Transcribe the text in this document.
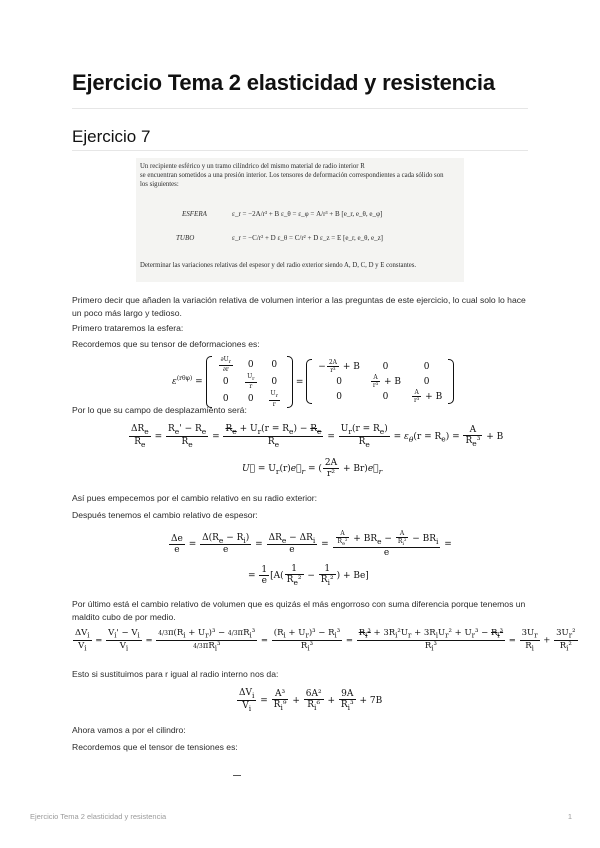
Ejercicio Tema 2 elasticidad y resistencia
Ejercicio 7
Un recipiente esférico y un tramo cilíndrico del mismo material de radio interior R
se encuentran sometidos a una presión interior. Los tensores de deformación correspondientes a cada sólido son
los siguientes:
ESFERA	ε_r = −2A/r³ + B ε_θ = ε_φ = A/r³ + B [e_r, e_θ, e_φ]
TUBO	ε_r = −C/r² + D ε_θ = C/r² + D ε_z = E [e_r, e_θ, e_z]
Determinar las variaciones relativas del espesor y del radio exterior siendo A, D, C, D y E constantes.

Primero decir que añaden la variación relativa de volumen interior a las preguntas de este ejercicio, lo cual solo lo hace un poco más largo y tedioso.

Primero trataremos la esfera:

Recordemos que su tensor de deformaciones es:

$\varepsilon^{(r\theta\varphi)}$ =
$\frac{\partial U_r}{\partial r}$	0	0
0	$\frac{U_r}{r}$	0
0	0	$\frac{U_r}{r}$
=
− $\frac{2A}{\text{r³}} + B$	0	0
0	$\frac{A}{\text{r³}} + B$	0
0	0	$\frac{A}{\text{r³}} + B$

Por lo que su campo de desplazamiento será:

$\frac{\Delta R_e}{R_e} = \frac{R_e' - R_e}{R_e} = \frac{R_e + U_r(r = R_e) - R_e}{R_e} = \frac{U_r(r = R_e)}{R_e} = \varepsilon_\theta(r = R_e) = \frac{A}{R_e^3} + B$
U⃗ = $U_r(r)e⃗_r$ = ( $\frac{2A}{\text{r²}}$ + $Br)e⃗_r$

Así pues empecemos por el cambio relativo en su radio exterior:

Después tenemos el cambio relativo de espesor:

$\frac{\Delta e}{e} = \frac{\Delta(R_e - R_i)}{e} = \frac{\Delta R_e - \Delta R_i}{e} = \frac{\frac{A}{R_e^2} + BR_e - \frac{A}{R_i^2} - BR_i}{e}$ =
= $\frac{1}{e} [A( \frac{1}{R_e^2} - \frac{1}{R_i^2}$ ) + Be]

Por último está el cambio relativo de volumen que es quizás el más engorroso con suma diferencia porque tenemos un maldito cubo de por medio.

$\frac{\Delta V_i}{V_i} = \frac{V_i' - V_i}{V_i} = \frac{4/3\pi(R_i + U_r)^3 - 4/3\pi R_i^3}{4/3\pi R_i^3} = \frac{(R_i + U_r)^3 - R_i^3}{R_i^3} = \frac{R_i^3 + 3R_i^2U_r + 3R_iU_r^2 + U_r^3 - R_i^3}{R_i^3} = \frac{3U_r}{R_i} + \frac{3U_r^2}{R_i^2}$

Esto si sustituimos para r igual al radio interno nos da:

$\frac{\Delta V_i}{V_i} = \frac{\text{A³}}{R_i^9} + \frac{\text{6A²}}{R_i^6} + \frac{9A}{R_i^3} + 7B$

Ahora vamos a por el cilindro:

Recordemos que el tensor de tensiones es:

Ejercicio Tema 2 elasticidad y resistencia	1
